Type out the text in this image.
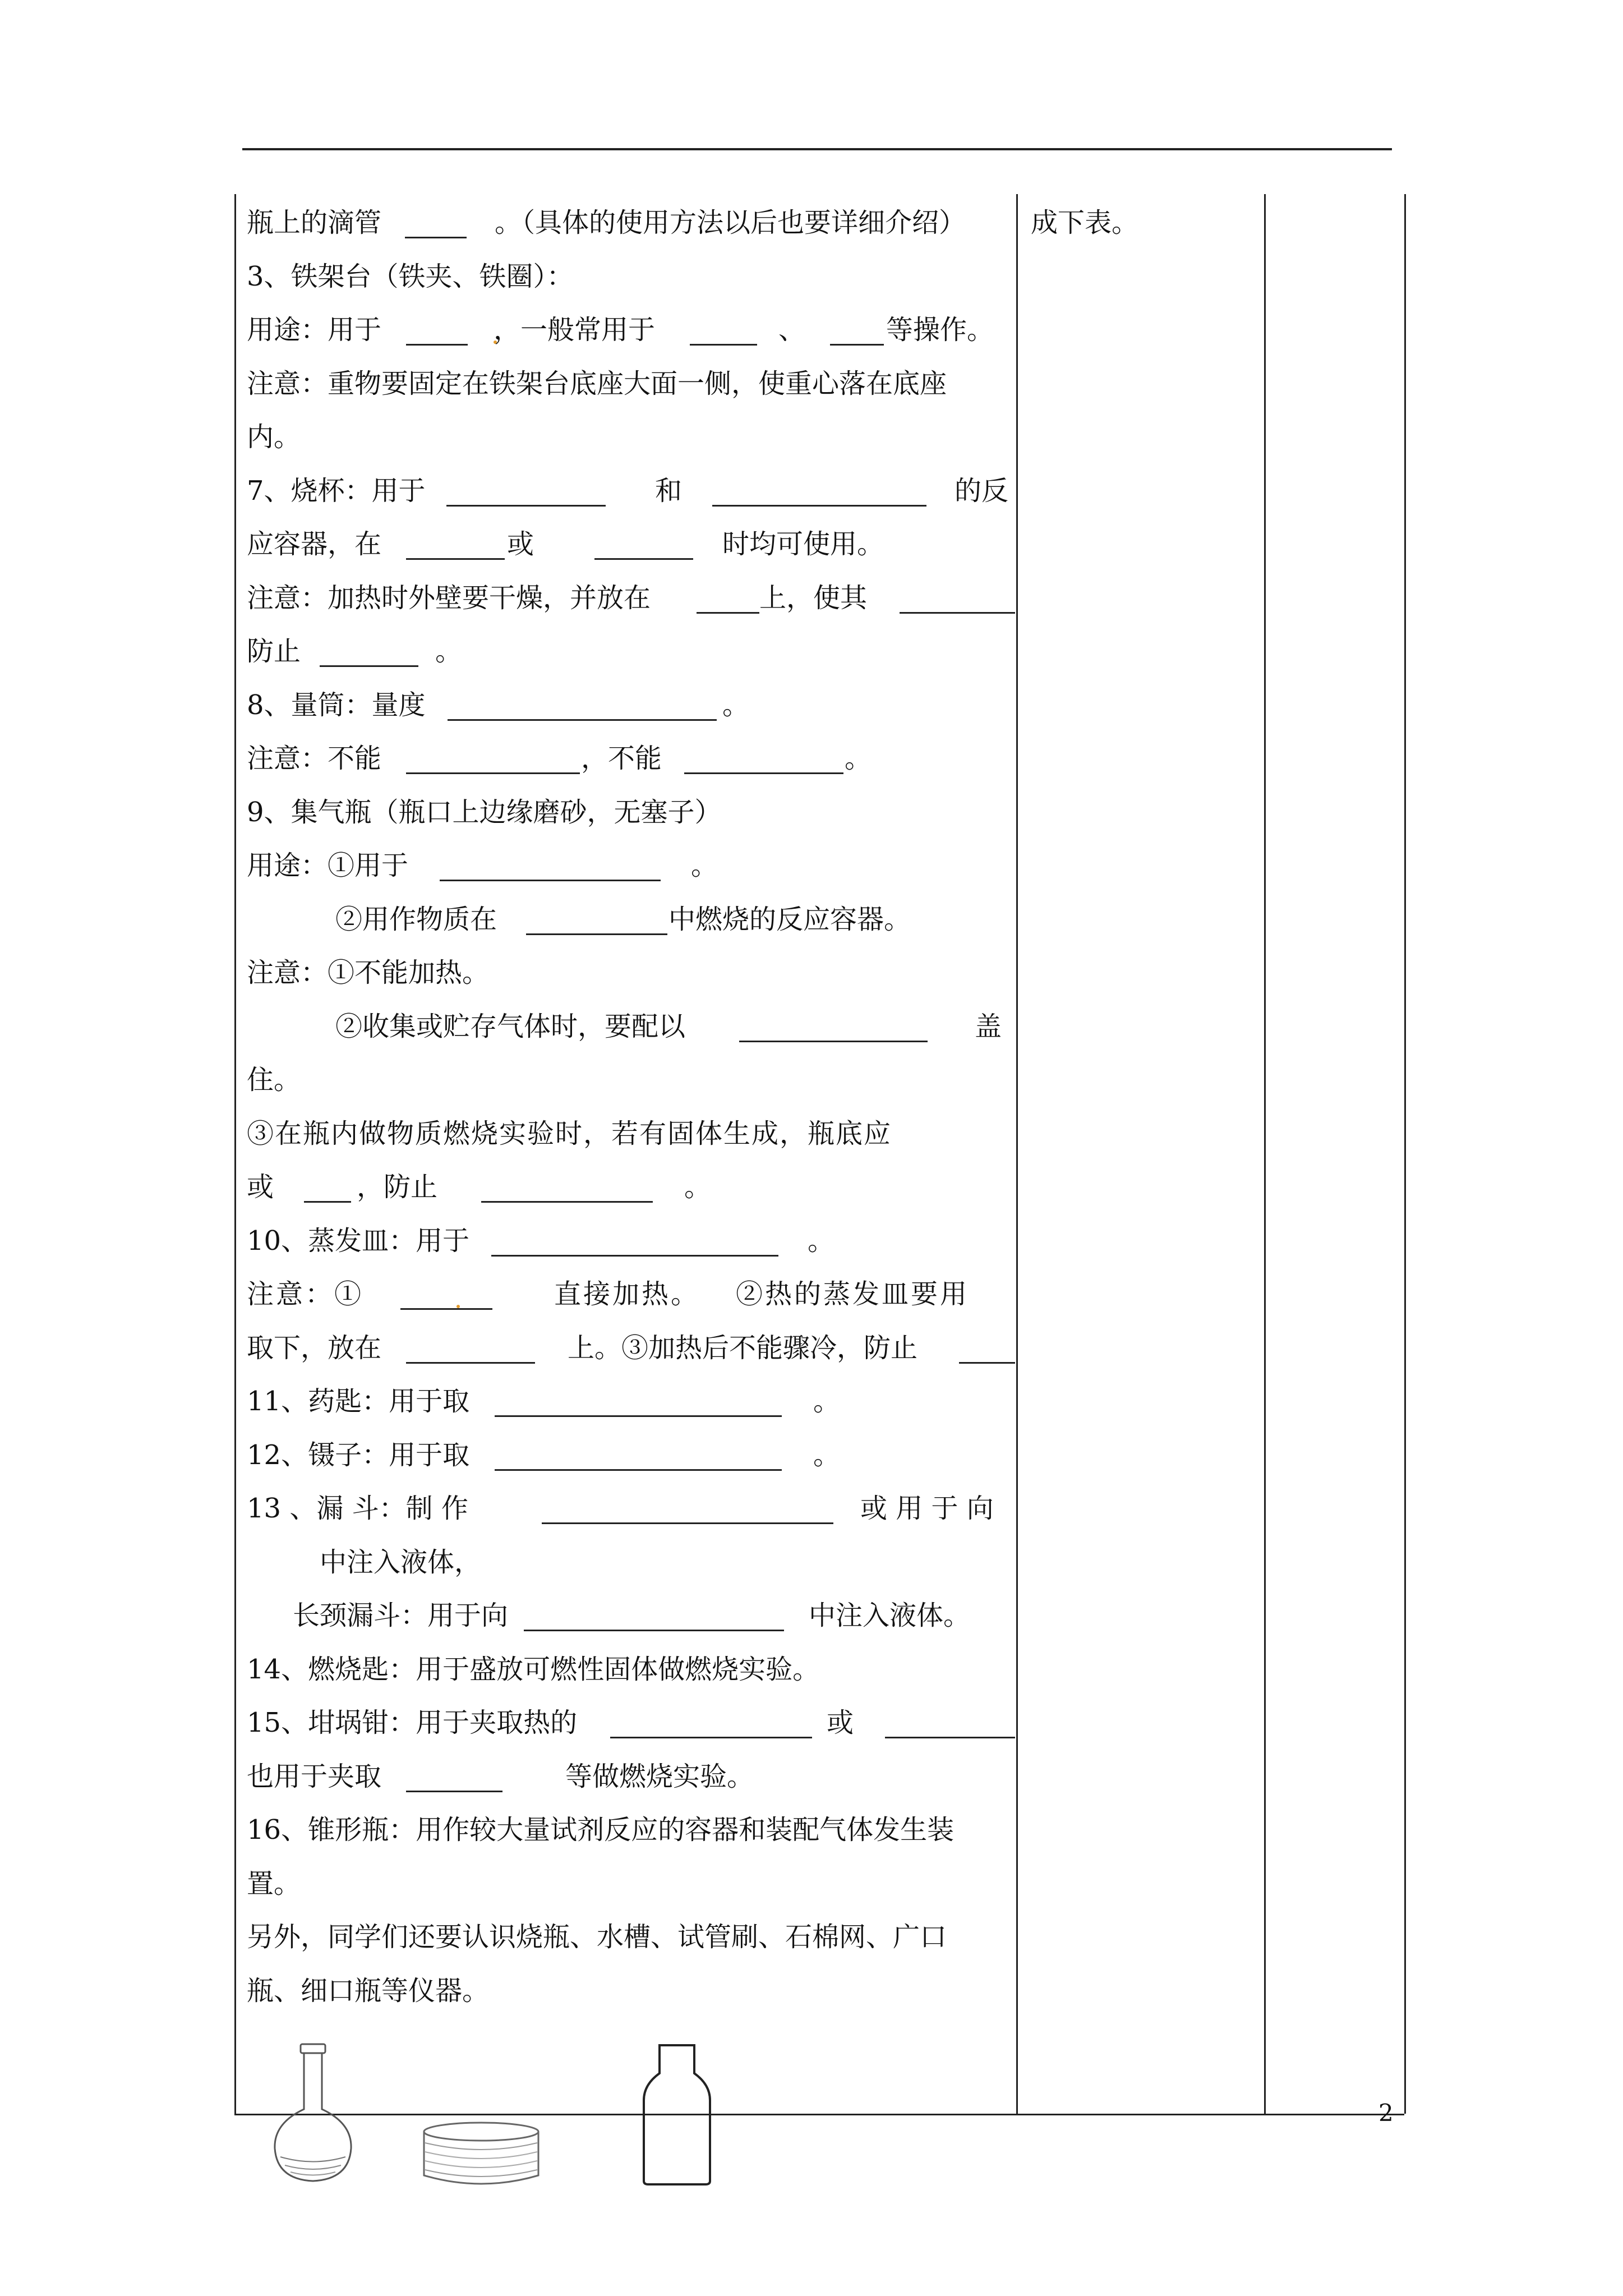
瓶上的滴管	。（具体的使用方法以后也要详细介绍）
3、铁架台（铁夹、铁圈）：
用途：用于	，一般常用于	、	等操作。
注意：重物要固定在铁架台底座大面一侧，使重心落在底座
内。
7、烧杯：用于	和	的反
应容器，在	或	时均可使用。
注意：加热时外壁要干燥，并放在	上，使其
防止	。
8、量筒：量度	。
注意：不能	，不能	。
9、集气瓶（瓶口上边缘磨砂，无塞子）
用途：①用于	。
②用作物质在	中燃烧的反应容器。
注意：①不能加热。
②收集或贮存气体时，要配以	盖
住。
③在瓶内做物质燃烧实验时，若有固体生成，瓶底应
或	，防止	。
10、蒸发皿：用于	。
注意：①	直接加热。 ②热的蒸发皿要用
取下，放在	上。③加热后不能骤冷，防止
11、药匙：用于取	。
12、镊子：用于取	。
13 、漏 斗：制 作	或 用 于 向
中注入液体，
长颈漏斗：用于向	中注入液体。
14、燃烧匙：用于盛放可燃性固体做燃烧实验。
15、坩埚钳：用于夹取热的	或
也用于夹取	等做燃烧实验。
16、锥形瓶：用作较大量试剂反应的容器和装配气体发生装
置。
另外，同学们还要认识烧瓶、水槽、试管刷、石棉网、广口
瓶、细口瓶等仪器。
成下表。
2
